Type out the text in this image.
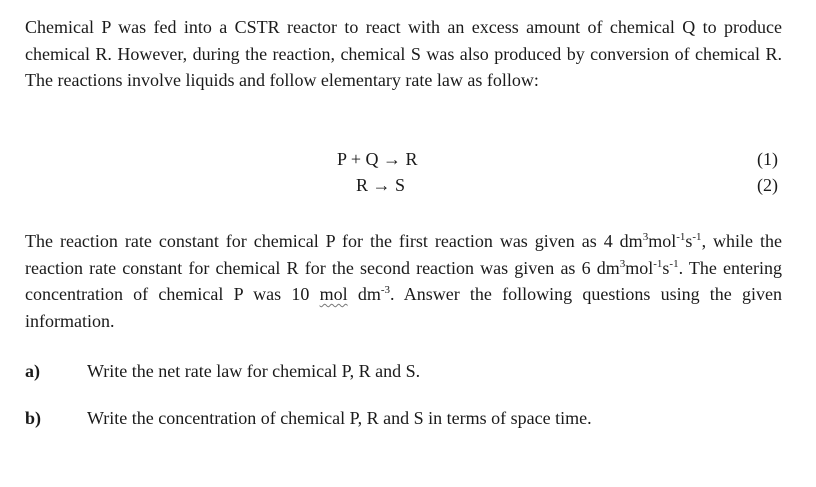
Chemical P was fed into a CSTR reactor to react with an excess amount of chemical Q to produce chemical R. However, during the reaction, chemical S was also produced by conversion of chemical R. The reactions involve liquids and follow elementary rate law as follow:
P + Q → R	(1)
R → S	(2)
The reaction rate constant for chemical P for the first reaction was given as 4 $dm^3mol^{-1}s^{-1}$, while the reaction rate constant for chemical R for the second reaction was given as 6 $dm^3mol^{-1}s^{-1}$. The entering concentration of chemical P was 10 mol $dm^{-3}$. Answer the following questions using the given information.
a)	Write the net rate law for chemical P, R and S.
b)	Write the concentration of chemical P, R and S in terms of space time.
